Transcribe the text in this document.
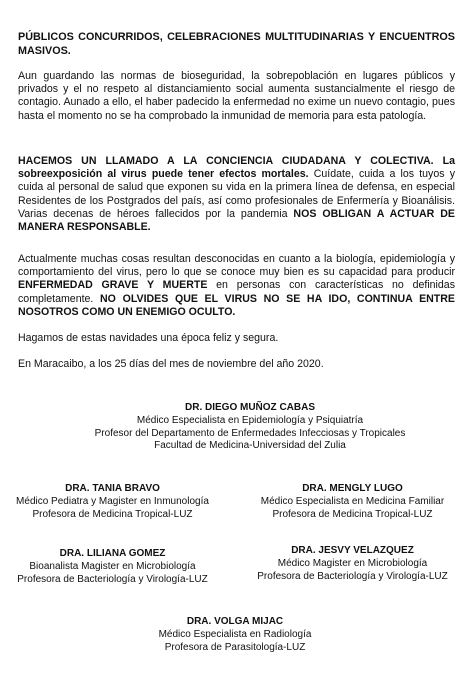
PÚBLICOS CONCURRIDOS, CELEBRACIONES MULTITUDINARIAS Y ENCUENTROS MASIVOS.

Aun guardando las normas de bioseguridad, la sobrepoblación en lugares públicos y privados y el no respeto al distanciamiento social aumenta sustancialmente el riesgo de contagio. Aunado a ello, el haber padecido la enfermedad no exime un nuevo contagio, pues hasta el momento no se ha comprobado la inmunidad de memoria para esta patología.

HACEMOS UN LLAMADO A LA CONCIENCIA CIUDADANA Y COLECTIVA. La sobreexposición al virus puede tener efectos mortales. Cuídate, cuida a los tuyos y cuida al personal de salud que exponen su vida en la primera línea de defensa, en especial Residentes de los Postgrados del país, así como profesionales de Enfermería y Bioanálisis. Varias decenas de héroes fallecidos por la pandemia NOS OBLIGAN A ACTUAR DE MANERA RESPONSABLE.

Actualmente muchas cosas resultan desconocidas en cuanto a la biología, epidemiología y comportamiento del virus, pero lo que se conoce muy bien es su capacidad para producir ENFERMEDAD GRAVE Y MUERTE en personas con características no definidas completamente. NO OLVIDES QUE EL VIRUS NO SE HA IDO, CONTINUA ENTRE NOSOTROS COMO UN ENEMIGO OCULTO.

Hagamos de estas navidades una época feliz y segura.

En Maracaibo, a los 25 días del mes de noviembre del año 2020.

DR. DIEGO MUÑOZ CABAS
Médico Especialista en Epidemiología y Psiquiatría
Profesor del Departamento de Enfermedades Infecciosas y Tropicales
Facultad de Medicina-Universidad del Zulia
DRA. TANIA BRAVO
Médico Pediatra y Magister en Inmunología
Profesora de Medicina Tropical-LUZ
DRA. MENGLY LUGO
Médico Especialista en Medicina Familiar
Profesora de Medicina Tropical-LUZ
DRA. LILIANA GOMEZ
Bioanalista Magister en Microbiología
Profesora de Bacteriología y Virología-LUZ
DRA. JESVY VELAZQUEZ
Médico Magister en Microbiología
Profesora de Bacteriología y Virología-LUZ
DRA. VOLGA MIJAC
Médico Especialista en Radiología
Profesora de Parasitología-LUZ
